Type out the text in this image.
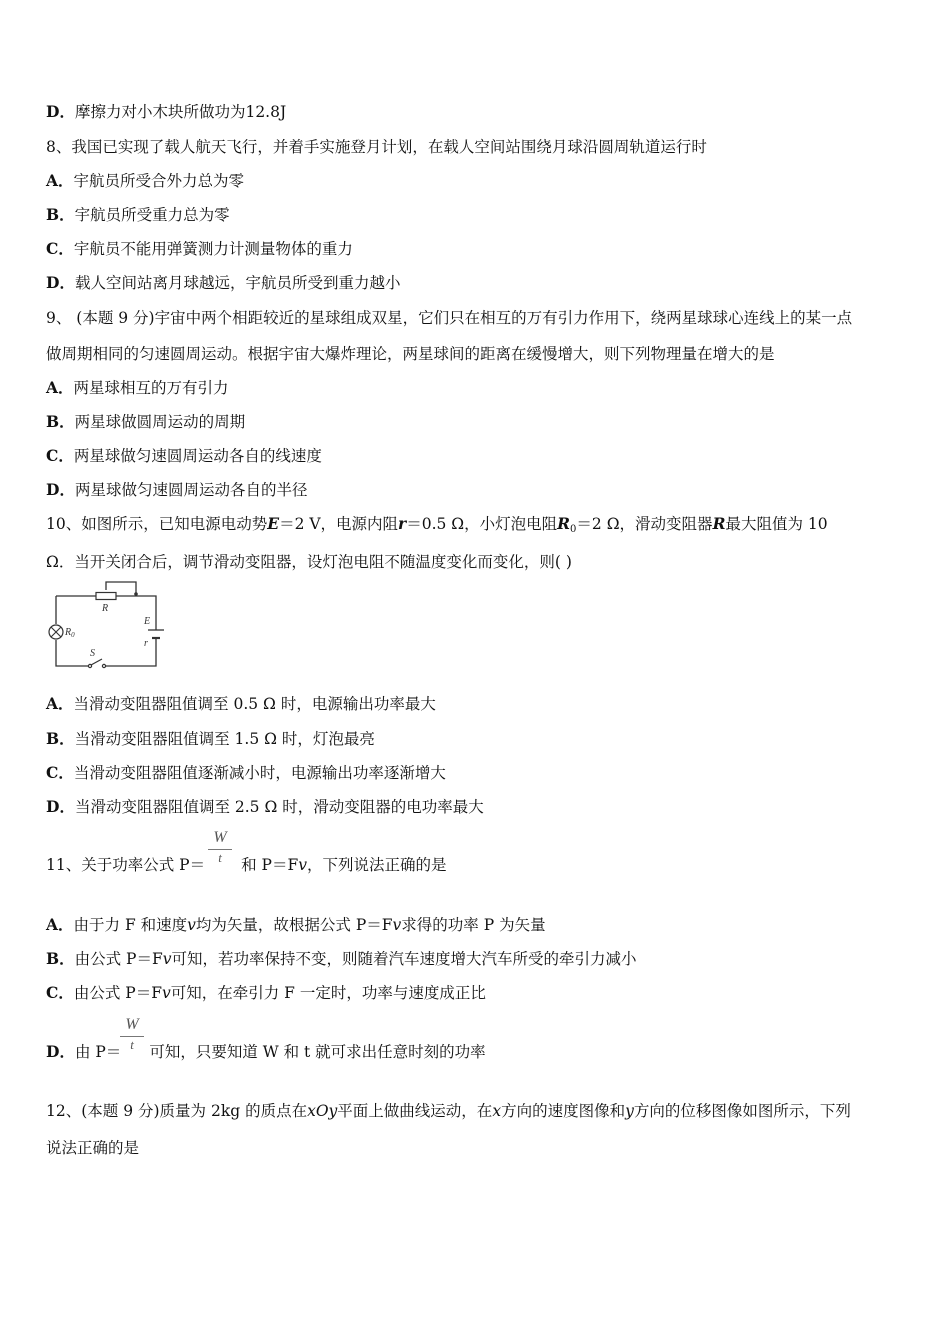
D．摩擦力对小木块所做功为12.8J
8、我国已实现了载人航天飞行，并着手实施登月计划，在载人空间站围绕月球沿圆周轨道运行时
A．宇航员所受合外力总为零
B．宇航员所受重力总为零
C．宇航员不能用弹簧测力计测量物体的重力
D．载人空间站离月球越远，宇航员所受到重力越小
9、 (本题 9 分)宇宙中两个相距较近的星球组成双星，它们只在相互的万有引力作用下，绕两星球球心连线上的某一点
做周期相同的匀速圆周运动。根据宇宙大爆炸理论，两星球间的距离在缓慢增大，则下列物理量在增大的是
A．两星球相互的万有引力
B．两星球做圆周运动的周期
C．两星球做匀速圆周运动各自的线速度
D．两星球做匀速圆周运动各自的半径
10、如图所示，已知电源电动势E＝2 V，电源内阻r＝0.5 Ω，小灯泡电阻$R_0=2$ Ω，滑动变阻器R最大阻值为 10
Ω．当开关闭合后，调节滑动变阻器，设灯泡电阻不随温度变化而变化，则( )
R
$R_0$
E
r
S
A．当滑动变阻器阻值调至 0.5 Ω 时，电源输出功率最大
B．当滑动变阻器阻值调至 1.5 Ω 时，灯泡最亮
C．当滑动变阻器阻值逐渐减小时，电源输出功率逐渐增大
D．当滑动变阻器阻值调至 2.5 Ω 时，滑动变阻器的电功率最大
W
t
11、关于功率公式 P＝ 和 P＝Fv，下列说法正确的是
A．由于力 F 和速度v均为矢量，故根据公式 P＝Fv求得的功率 P 为矢量
B．由公式 P＝Fv可知，若功率保持不变，则随着汽车速度增大汽车所受的牵引力减小
C．由公式 P＝Fv可知，在牵引力 F 一定时，功率与速度成正比
W
t
D．由 P＝ 可知，只要知道 W 和 t 就可求出任意时刻的功率
12、(本题 9 分)质量为 2kg 的质点在xOy平面上做曲线运动，在x方向的速度图像和y方向的位移图像如图所示，下列
说法正确的是
